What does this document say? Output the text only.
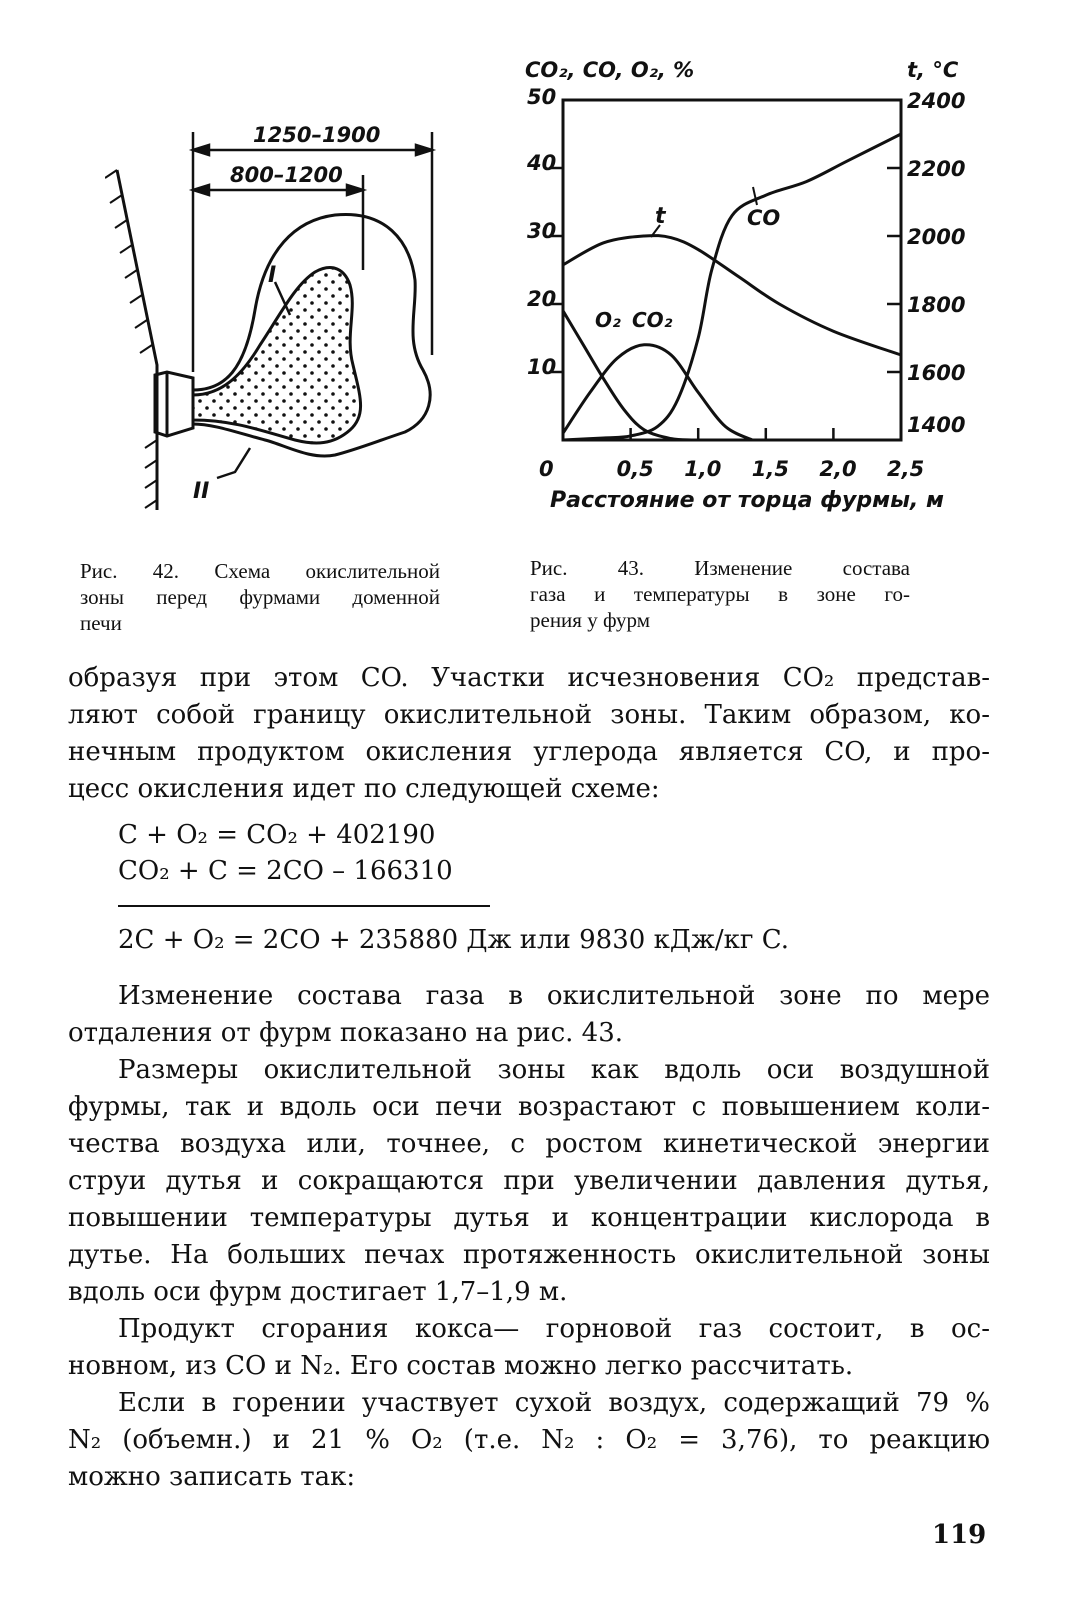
1250–1900
800–1200
I
II
0	0,5 1,0 1,5 2,0 2,5
10
20
30
40
50
1400
1600
1800
2000
2200
2400
CO₂, CO, O₂, %	t, °C
Расстояние от торца фурмы, м
t	CO
O₂ CO₂
Рис. 42. Схема окислительной
зоны перед фурмами доменной
печи
Рис. 43. Изменение состава
газа и температуры в зоне го-
рения у фурм
образуя при этом CO. Участки исчезновения CO₂ представ-
ляют собой границу окислительной зоны. Таким образом, ко-
нечным продуктом окисления углерода является CO, и про-
цесс окисления идет по следующей схеме:
C + O₂ = CO₂ + 402190
CO₂ + C = 2CO – 166310
2C + O₂ = 2CO + 235880 Дж или 9830 кДж/кг C.
Изменение состава газа в окислительной зоне по мере
отдаления от фурм показано на рис. 43.
Размеры окислительной зоны как вдоль оси воздушной
фурмы, так и вдоль оси печи возрастают с повышением коли-
чества воздуха или, точнее, с ростом кинетической энергии
струи дутья и сокращаются при увеличении давления дутья,
повышении температуры дутья и концентрации кислорода в
дутье. На больших печах протяженность окислительной зоны
вдоль оси фурм достигает 1,7–1,9 м.
Продукт сгорания кокса— горновой газ состоит, в ос-
новном, из CO и N₂. Его состав можно легко рассчитать.
Если в горении участвует сухой воздух, содержащий 79 %
N₂ (объемн.) и 21 % O₂ (т.е. N₂ : O₂ = 3,76), то реакцию
можно записать так:
119
